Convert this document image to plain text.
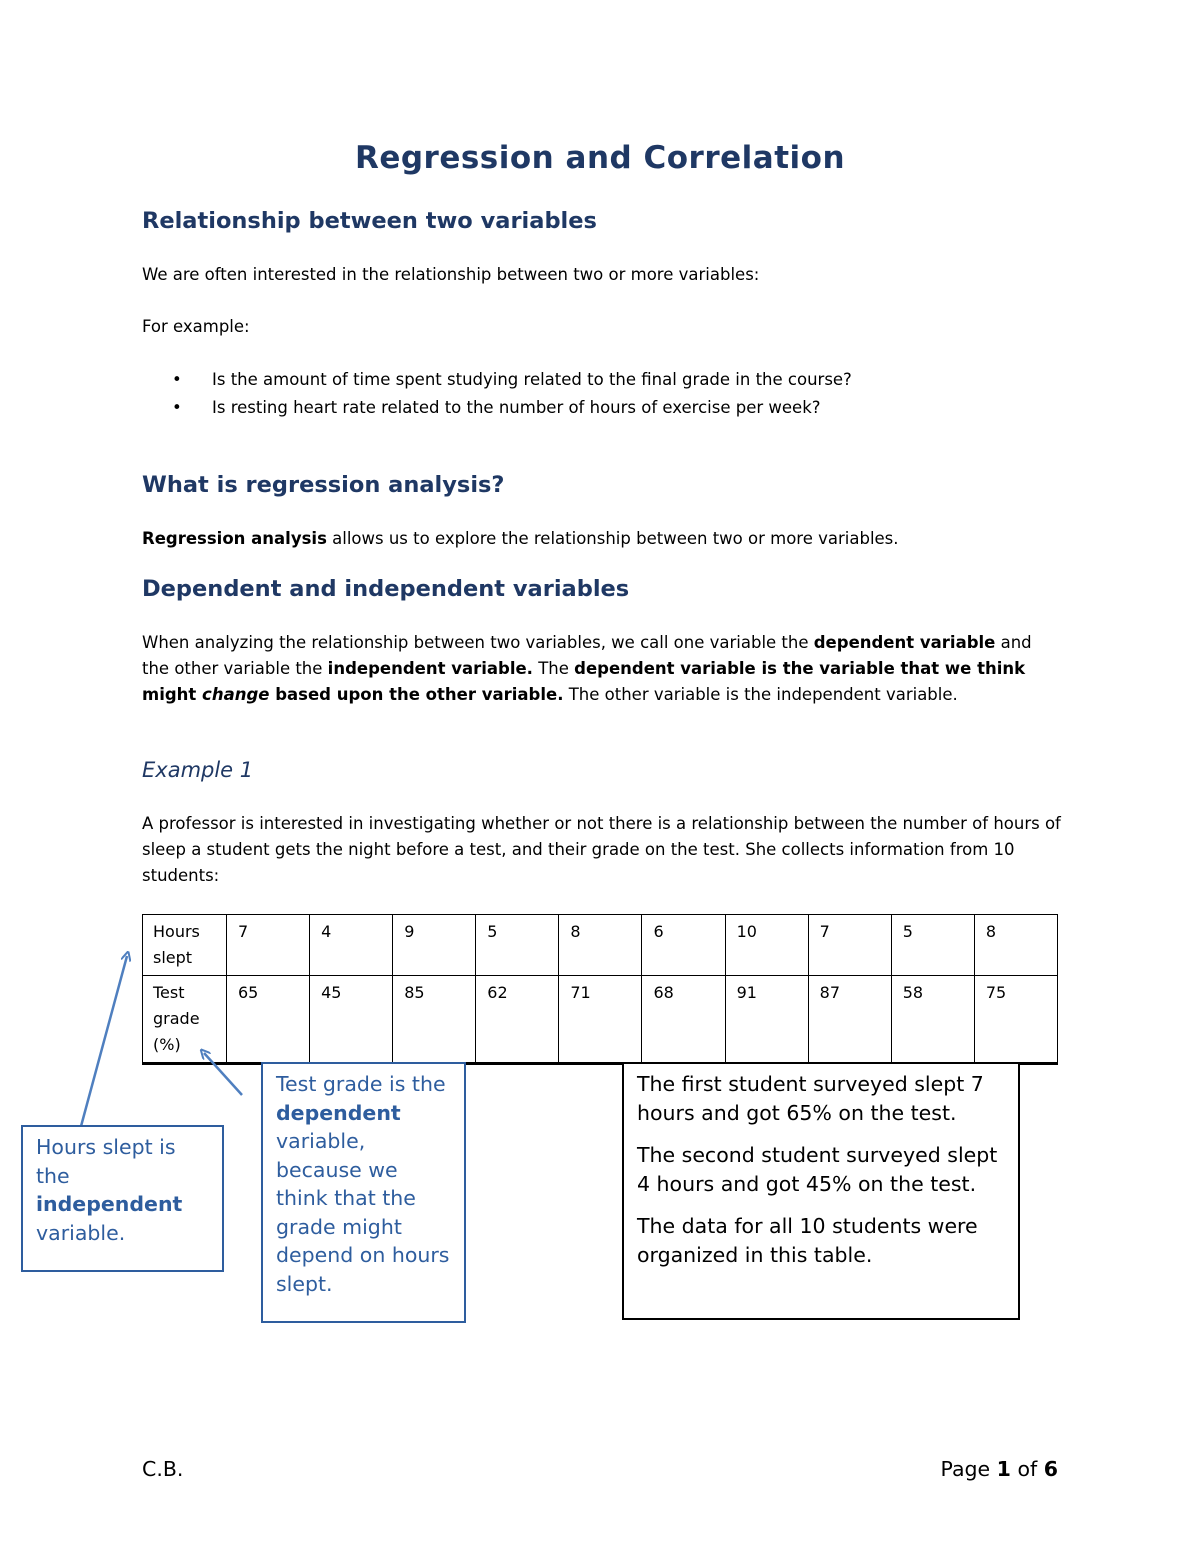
Regression and Correlation
Relationship between two variables
We are often interested in the relationship between two or more variables:
For example:
• Is the amount of time spent studying related to the final grade in the course?
• Is resting heart rate related to the number of hours of exercise per week?
What is regression analysis?
Regression analysis allows us to explore the relationship between two or more variables.
Dependent and independent variables
When analyzing the relationship between two variables, we call one variable the dependent variable and the other variable the independent variable. The dependent variable is the variable that we think might change based upon the other variable. The other variable is the independent variable.
Example 1
A professor is interested in investigating whether or not there is a relationship between the number of hours of sleep a student gets the night before a test, and their grade on the test. She collects information from 10 students:
Hours slept	7	4	9	5	8	6	10	7	5	8
Test grade (%)	65	45	85	62	71	68	91	87	58	75
Hours slept is the independent variable.
Test grade is the dependent variable, because we think that the grade might depend on hours slept.

The first student surveyed slept 7 hours and got 65% on the test.

The second student surveyed slept 4 hours and got 45% on the test.

The data for all 10 students were organized in this table.

C.B.	Page 1 of 6
